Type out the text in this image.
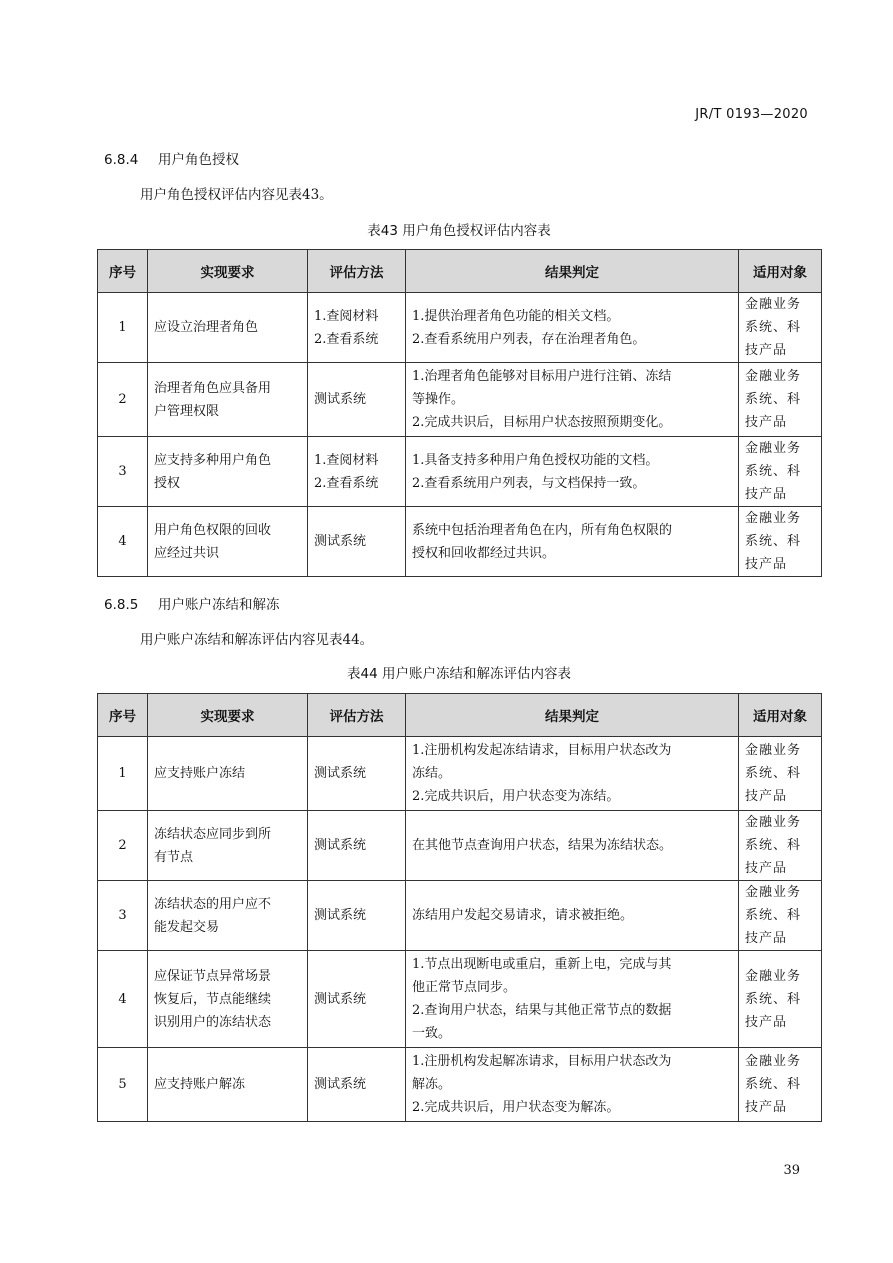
JR/T 0193—2020
6.8.4 用户角色授权
用户角色授权评估内容见表43。
表43 用户角色授权评估内容表
序号	实现要求	评估方法	结果判定	适用对象
1	应设立治理者角色	1.查阅材料
2.查看系统	1.提供治理者角色功能的相关文档。
2.查看系统用户列表，存在治理者角色。	金融业务
系统、科
技产品

2	治理者角色应具备用
户管理权限	测试系统	1.治理者角色能够对目标用户进行注销、冻结
等操作。
2.完成共识后，目标用户状态按照预期变化。	金融业务
系统、科
技产品

3	应支持多种用户角色
授权	1.查阅材料
2.查看系统	1.具备支持多种用户角色授权功能的文档。
2.查看系统用户列表，与文档保持一致。	金融业务
系统、科
技产品

4	用户角色权限的回收
应经过共识	测试系统	系统中包括治理者角色在内，所有角色权限的
授权和回收都经过共识。	金融业务
系统、科
技产品
6.8.5 用户账户冻结和解冻
用户账户冻结和解冻评估内容见表44。
表44 用户账户冻结和解冻评估内容表
序号	实现要求	评估方法	结果判定	适用对象
1	应支持账户冻结	测试系统	1.注册机构发起冻结请求，目标用户状态改为
冻结。
2.完成共识后，用户状态变为冻结。	金融业务
系统、科
技产品

2	冻结状态应同步到所
有节点	测试系统	在其他节点查询用户状态，结果为冻结状态。	金融业务
系统、科
技产品

3	冻结状态的用户应不
能发起交易	测试系统	冻结用户发起交易请求，请求被拒绝。	金融业务
系统、科
技产品

4	应保证节点异常场景
恢复后，节点能继续
识别用户的冻结状态	测试系统	1.节点出现断电或重启，重新上电，完成与其
他正常节点同步。
2.查询用户状态，结果与其他正常节点的数据
一致。	金融业务
系统、科
技产品

5	应支持账户解冻	测试系统	1.注册机构发起解冻请求，目标用户状态改为
解冻。
2.完成共识后，用户状态变为解冻。	金融业务
系统、科
技产品
39
